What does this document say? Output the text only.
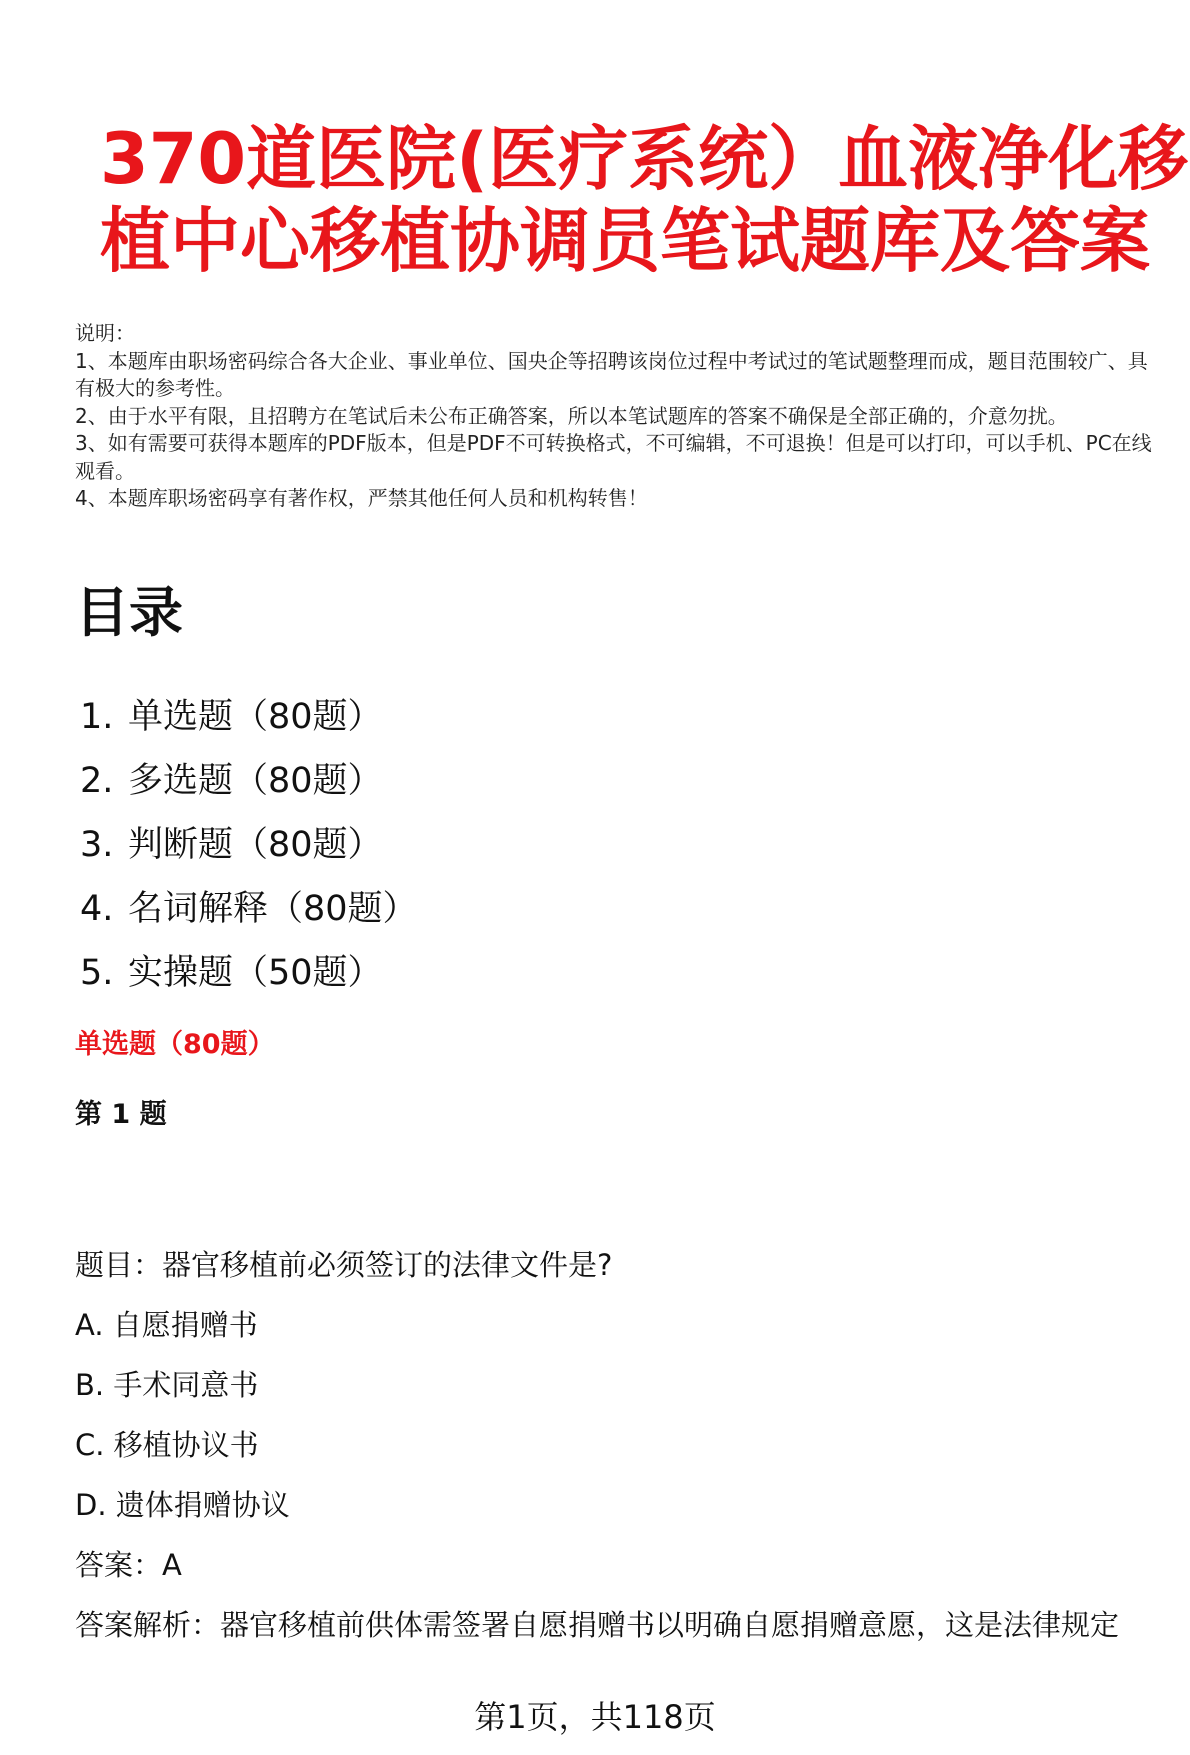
370道医院(医疗系统）血液净化移
植中心移植协调员笔试题库及答案
说明：
1、本题库由职场密码综合各大企业、事业单位、国央企等招聘该岗位过程中考试过的笔试题整理而成，题目范围较广、具有极大的参考性。
2、由于水平有限，且招聘方在笔试后未公布正确答案，所以本笔试题库的答案不确保是全部正确的，介意勿扰。
3、如有需要可获得本题库的PDF版本，但是PDF不可转换格式，不可编辑，不可退换！但是可以打印，可以手机、PC在线观看。
4、本题库职场密码享有著作权，严禁其他任何人员和机构转售！
目录
1. 单选题（80题）
2. 多选题（80题）
3. 判断题（80题）
4. 名词解释（80题）
5. 实操题（50题）
单选题（80题）
第 1 题
题目：器官移植前必须签订的法律文件是?
A. 自愿捐赠书
B. 手术同意书
C. 移植协议书
D. 遗体捐赠协议
答案：A
答案解析：器官移植前供体需签署自愿捐赠书以明确自愿捐赠意愿，这是法律规定
第1页，共118页
